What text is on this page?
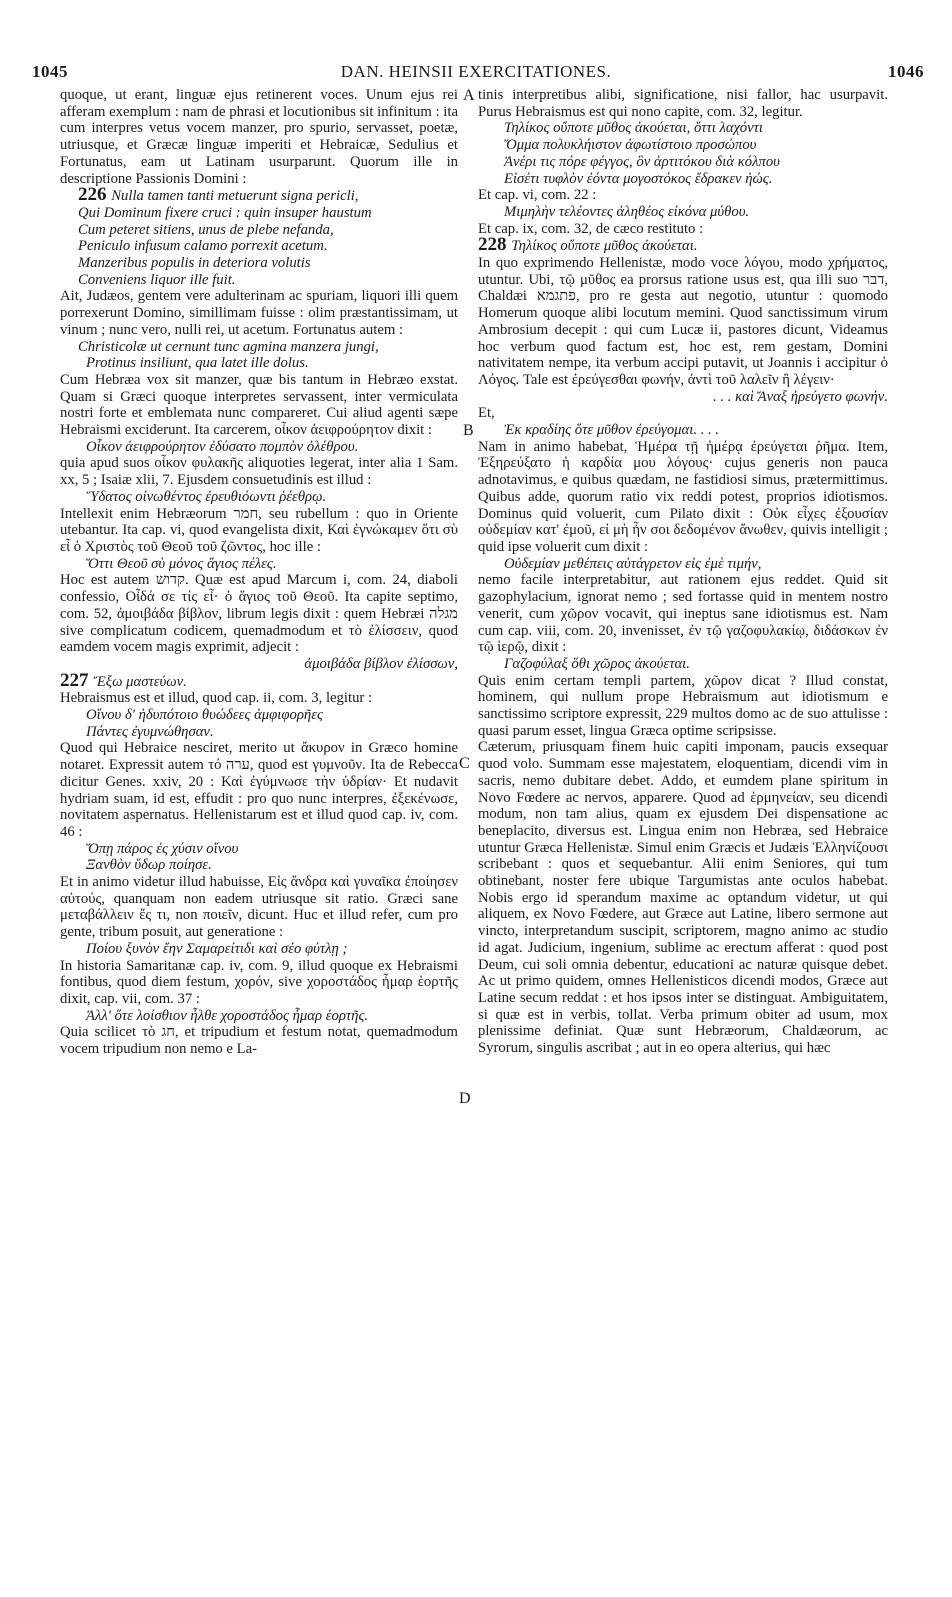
1045	DAN. HEINSII EXERCITATIONES.	1046
A
B
C
D

quoque, ut erant, linguæ ejus retinerent voces. Unum ejus rei afferam exemplum : nam de phrasi et locutionibus sit infinitum : ita cum interpres vetus vocem manzer, pro spurio, servasset, poetæ, utriusque, et Græcæ linguæ imperiti et Hebraicæ, Sedulius et Fortunatus, eam ut Latinam usurparunt. Quorum ille in descriptione Passionis Domini :

226 Nulla tamen tanti metuerunt signa pericli,

Qui Dominum fixere cruci : quin insuper haustum

Cum peteret sitiens, unus de plebe nefanda,

Peniculo infusum calamo porrexit acetum.

Manzeribus populis in deteriora volutis

Conveniens liquor ille fuit.

Ait, Judæos, gentem vere adulterinam ac spuriam, liquori illi quem porrexerunt Domino, simillimam fuisse : olim præstantissimam, ut vinum ; nunc vero, nulli rei, ut acetum. Fortunatus autem :

Christicolæ ut cernunt tunc agmina manzera jungi,

Protinus insiliunt, qua latet ille dolus.

Cum Hebræa vox sit manzer, quæ bis tantum in Hebræo exstat. Quam si Græci quoque interpretes servassent, inter vermiculata nostri forte et emblemata nunc compareret. Cui aliud agenti sæpe Hebraismi exciderunt. Ita carcerem, οἶκον ἀειφρούρητον dixit :

Οἶκον ἀειφρούρητον ἐδύσατο πομπὸν ὀλέθρου.

quia apud suos οἶκον φυλακῆς aliquoties legerat, inter alia 1 Sam. xx, 5 ; Isaiæ xlii, 7. Ejusdem consuetudinis est illud :

Ὕδατος οἰνωθέντος ἐρευθιόωντι ῥέεθρῳ.

Intellexit enim Hebræorum חמר, seu rubellum : quo in Oriente utebantur. Ita cap. vi, quod evangelista dixit, Καὶ ἐγνώκαμεν ὅτι σὺ εἶ ὁ Χριστὸς τοῦ Θεοῦ τοῦ ζῶντος, hoc ille :

Ὅττι Θεοῦ σὺ μόνος ἅγιος πέλες.

Hoc est autem קדוש. Quæ est apud Marcum i, com. 24, diaboli confessio, Οἶδά σε τίς εἶ· ὁ ἅγιος τοῦ Θεοῦ. Ita capite septimo, com. 52, ἀμοιβάδα βίβλον, librum legis dixit : quem Hebræi מגלה sive complicatum codicem, quemadmodum et τὸ ἐλίσσειν, quod eamdem vocem magis exprimit, adjecit :

ἀμοιβάδα βίβλον ἐλίσσων,

227 Ἔξω μαστεύων.

Hebraismus est et illud, quod cap. ii, com. 3, legitur :

Οἴνου δ' ἡδυπότοιο θυώδεες ἀμφιφορῆες

Πάντες ἐγυμνώθησαν.

Quod qui Hebraice nesciret, merito ut ἄκυρον in Græco homine notaret. Expressit autem τό ערה, quod est γυμνοῦν. Ita de Rebecca dicitur Genes. xxiv, 20 : Καὶ ἐγύμνωσε τὴν ὑδρίαν· Et nudavit hydriam suam, id est, effudit : pro quo nunc interpres, ἐξεκένωσε, novitatem aspernatus. Hellenistarum est et illud quod cap. iv, com. 46 :

Ὅπῃ πάρος ἐς χύσιν οἴνου

Ξανθὸν ὕδωρ ποίησε.

Et in animo videtur illud habuisse, Εἰς ἄνδρα καὶ γυναῖκα ἐποίησεν αὐτούς, quanquam non eadem utriusque sit ratio. Græci sane μεταβάλλειν ἔς τι, non ποιεῖν, dicunt. Huc et illud refer, cum pro gente, tribum posuit, aut generatione :

Ποίου ξυνὸν ἔην Σαμαρείτιδι καὶ σέο φύτλῃ ;

In historia Samaritanæ cap. iv, com. 9, illud quoque ex Hebraismi fontibus, quod diem festum, χορόν, sive χοροστάδος ἦμαρ ἑορτῆς dixit, cap. vii, com. 37 :

Ἀλλ' ὅτε λοίσθιον ἦλθε χοροστάδος ἦμαρ ἑορτῆς.

Quia scilicet τὸ חג, et tripudium et festum notat, quemadmodum vocem tripudium non nemo e La-

tinis interpretibus alibi, significatione, nisi fallor, hac usurpavit. Purus Hebraismus est qui nono capite, com. 32, legitur.

Τηλίκος οὔποτε μῦθος ἀκούεται, ὅττι λαχόντι

Ὄμμα πολυκλήιστον ἀφωτίστοιο προσώπου

Ἀνέρι τις πόρε φέγγος, ὃν ἀρτιτόκου διὰ κόλπου

Εἰσέτι τυφλὸν ἐόντα μογοστόκος ἔδρακεν ἠώς.

Et cap. vi, com. 22 :

Μιμηλὴν τελέοντες ἀληθέος εἰκόνα μύθου.

Et cap. ix, com. 32, de cæco restituto :

228 Τηλίκος οὔποτε μῦθος ἀκούεται.

In quo exprimendo Hellenistæ, modo voce λόγου, modo χρήματος, utuntur. Ubi, τῷ μῦθος ea prorsus ratione usus est, qua illi suo דבר, Chaldæi פתגמא, pro re gesta aut negotio, utuntur : quomodo Homerum quoque alibi locutum memini. Quod sanctissimum virum Ambrosium decepit : qui cum Lucæ ii, pastores dicunt, Videamus hoc verbum quod factum est, hoc est, rem gestam, Domini nativitatem nempe, ita verbum accipi putavit, ut Joannis i accipitur ὁ Λόγος. Tale est ἐρεύγεσθαι φωνήν, ἀντὶ τοῦ λαλεῖν ἢ λέγειν·

. . . καὶ Ἄναξ ἠρεύγετο φωνήν.

Et,

Ἐκ κραδίης ὅτε μῦθον ἐρεύγομαι. . . .

Nam in animo habebat, Ἡμέρα τῇ ἡμέρᾳ ἐρεύγεται ῥῆμα. Item, Ἐξηρεύξατο ἡ καρδία μου λόγους· cujus generis non pauca adnotavimus, e quibus quædam, ne fastidiosi simus, prætermittimus. Quibus adde, quorum ratio vix reddi potest, proprios idiotismos. Dominus quid voluerit, cum Pilato dixit : Οὐκ εἶχες ἐξουσίαν οὐδεμίαν κατ' ἐμοῦ, εἰ μὴ ἦν σοι δεδομένον ἄνωθεν, quivis intelligit ; quid ipse voluerit cum dixit :

Οὐδεμίαν μεθέπεις αὐτάγρετον εἰς ἐμὲ τιμήν,

nemo facile interpretabitur, aut rationem ejus reddet. Quid sit gazophylacium, ignorat nemo ; sed fortasse quid in mentem nostro venerit, cum χῶρον vocavit, qui ineptus sane idiotismus est. Nam cum cap. viii, com. 20, invenisset, ἐν τῷ γαζοφυλακίῳ, διδάσκων ἐν τῷ ἱερῷ, dixit :

Γαζοφύλαξ ὅθι χῶρος ἀκούεται.

Quis enim certam templi partem, χῶρον dicat ? Illud constat, hominem, qui nullum prope Hebraismum aut idiotismum e sanctissimo scriptore expressit, 229 multos domo ac de suo attulisse : quasi parum esset, lingua Græca optime scripsisse.

Cæterum, priusquam finem huic capiti imponam, paucis exsequar quod volo. Summam esse majestatem, eloquentiam, dicendi vim in sacris, nemo dubitare debet. Addo, et eumdem plane spiritum in Novo Fœdere ac nervos, apparere. Quod ad ἑρμηνείαν, seu dicendi modum, non tam alius, quam ex ejusdem Dei dispensatione ac beneplacito, diversus est. Lingua enim non Hebræa, sed Hebraice utuntur Græca Hellenistæ. Simul enim Græcis et Judæis Ἑλληνίζουσι scribebant : quos et sequebantur. Alii enim Seniores, qui tum obtinebant, noster fere ubique Targumistas ante oculos habebat. Nobis ergo id sperandum maxime ac optandum videtur, ut qui aliquem, ex Novo Fœdere, aut Græce aut Latine, libero sermone aut vincto, interpretandum suscipit, scriptorem, magno animo ac studio id agat. Judicium, ingenium, sublime ac erectum afferat : quod post Deum, cui soli omnia debentur, educationi ac naturæ quisque debet. Ac ut primo quidem, omnes Hellenisticos dicendi modos, Græce aut Latine secum reddat : et hos ipsos inter se distinguat. Ambiguitatem, si quæ est in verbis, tollat. Verba primum obiter ad usum, mox plenissime definiat. Quæ sunt Hebræorum, Chaldæorum, ac Syrorum, singulis ascribat ; aut in eo opera alterius, qui hæc
